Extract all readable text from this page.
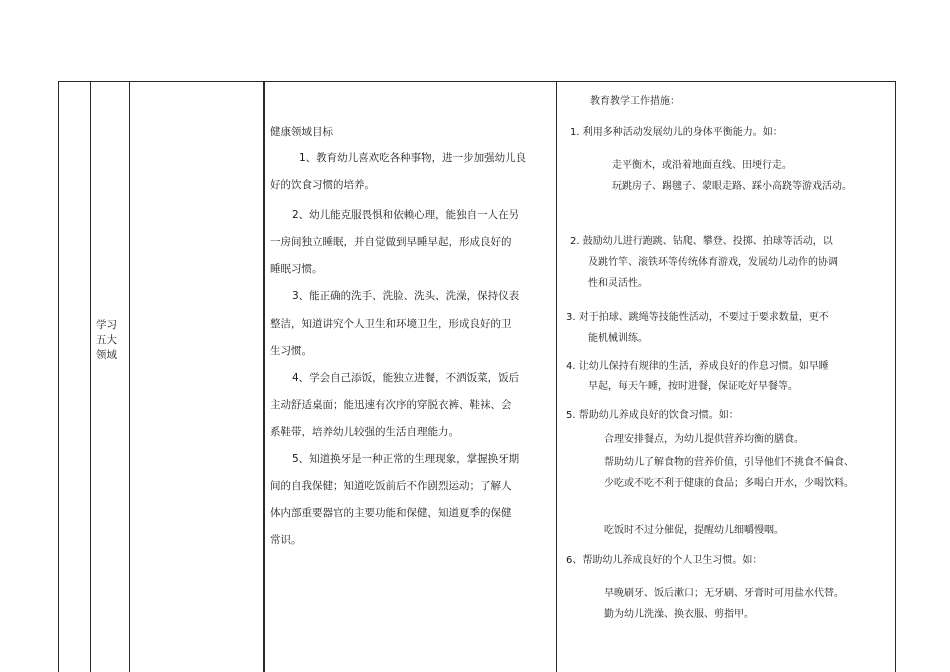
学习
五大
领域
健康领域目标
1、教育幼儿喜欢吃各种事物，进一步加强幼儿良
好的饮食习惯的培养。
2、幼儿能克服畏惧和依赖心理，能独自一人在另
一房间独立睡眠，并自觉做到早睡早起，形成良好的
睡眠习惯。
3、能正确的洗手、洗脸、洗头、洗澡，保持仪表
整洁，知道讲究个人卫生和环境卫生，形成良好的卫
生习惯。
4、学会自己添饭，能独立进餐，不洒饭菜，饭后
主动舒适桌面；能迅速有次序的穿脱衣裤、鞋袜、会
系鞋带，培养幼儿较强的生活自理能力。
5、知道换牙是一种正常的生理现象，掌握换牙期
间的自我保健；知道吃饭前后不作剧烈运动；了解人
体内部重要器官的主要功能和保健，知道夏季的保健
常识。
教育教学工作措施：
1. 利用多种活动发展幼儿的身体平衡能力。如：
走平衡木，或沿着地面直线、田埂行走。
玩跳房子、踢毽子、蒙眼走路、踩小高跷等游戏活动。
2. 鼓励幼儿进行跑跳、钻爬、攀登、投掷、拍球等活动，以
及跳竹竿、滚铁环等传统体育游戏，发展幼儿动作的协调
性和灵活性。
3. 对于拍球、跳绳等技能性活动，不要过于要求数量，更不
能机械训练。
4. 让幼儿保持有规律的生活，养成良好的作息习惯。如早睡
早起，每天午睡，按时进餐，保证吃好早餐等。
5. 帮助幼儿养成良好的饮食习惯。如：
合理安排餐点，为幼儿提供营养均衡的膳食。
帮助幼儿了解食物的营养价值，引导他们不挑食不偏食、
少吃或不吃不利于健康的食品；多喝白开水，少喝饮料。
吃饭时不过分催促，提醒幼儿细嚼慢咽。
6、帮助幼儿养成良好的个人卫生习惯。如：
早晚刷牙、饭后漱口；无牙刷、牙膏时可用盐水代替。
勤为幼儿洗澡、换衣服、剪指甲。
